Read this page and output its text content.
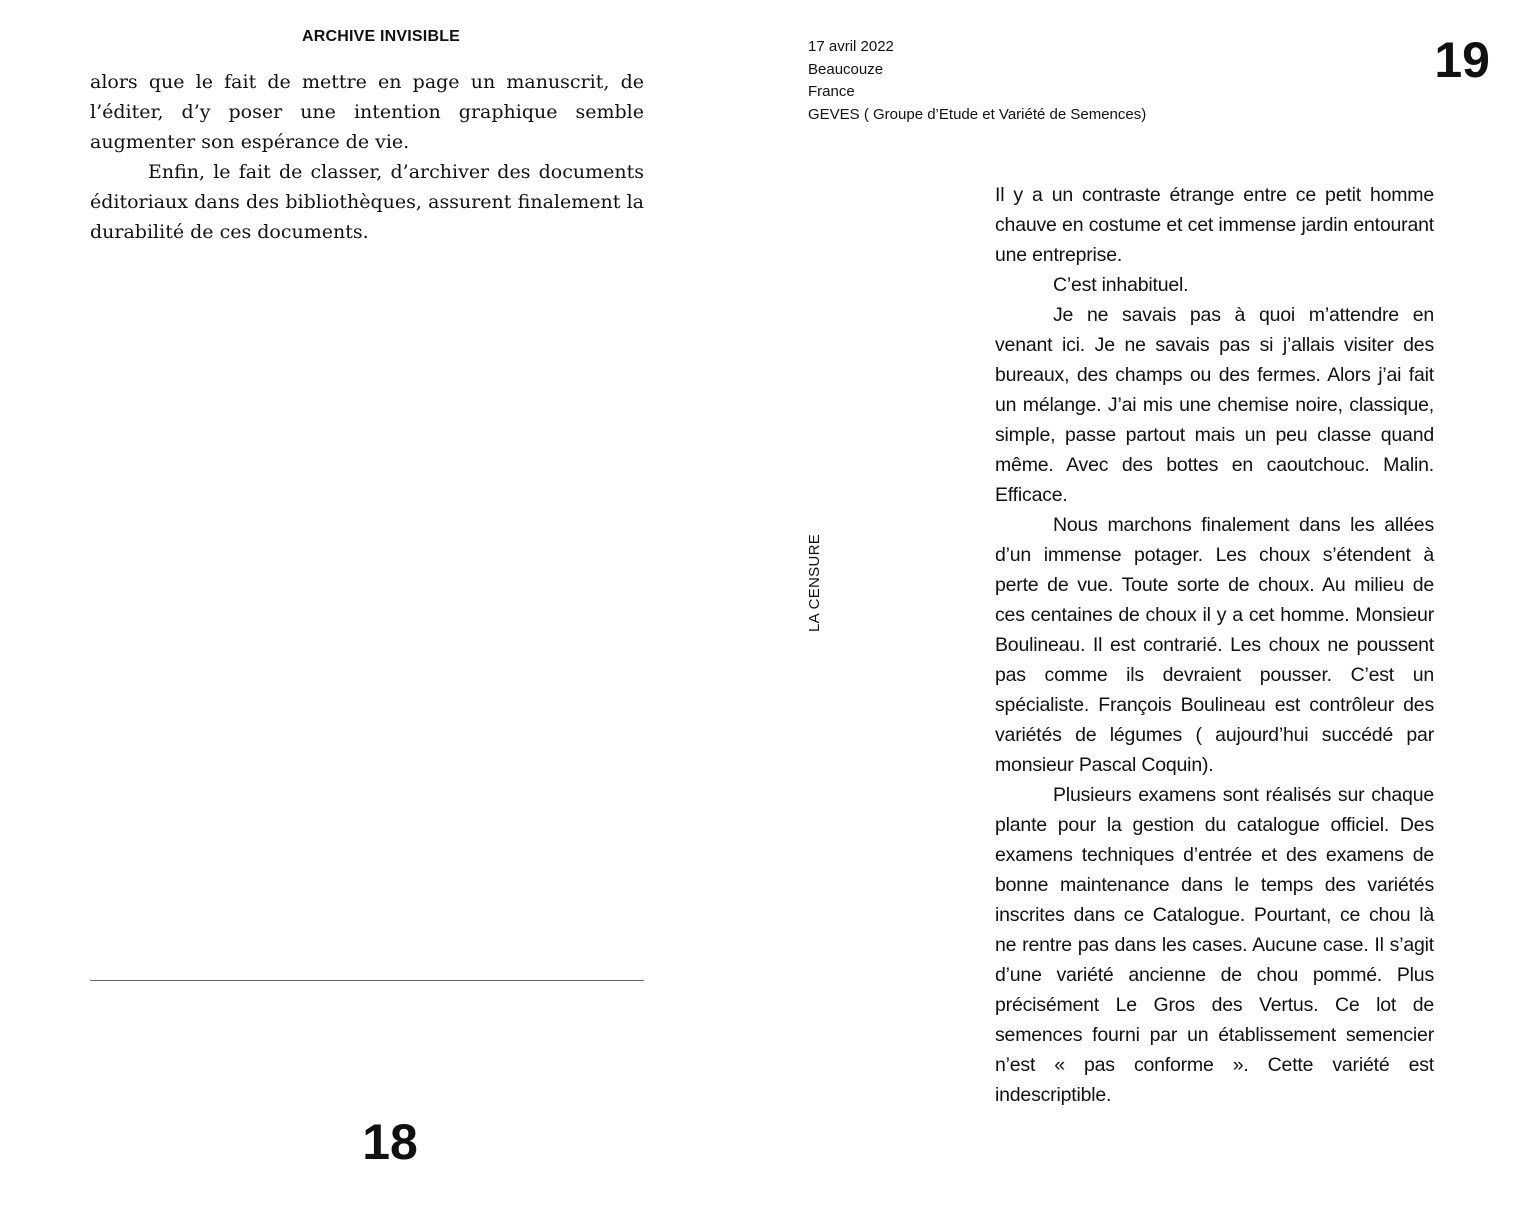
ARCHIVE INVISIBLE

alors que le fait de mettre en page un manuscrit, de l’éditer, d’y poser une intention graphique semble augmenter son espérance de vie.

Enfin, le fait de classer, d’archiver des documents éditoriaux dans des bibliothèques, assurent finalement la durabilité de ces documents.

18
17 avril 2022
Beaucouze
France
GEVES ( Groupe d’Etude et Variété de Semences)
19
LA CENSURE

Il y a un contraste étrange entre ce petit homme chauve en costume et cet immense jardin entourant une entreprise.

C’est inhabituel.

Je ne savais pas à quoi m’attendre en venant ici. Je ne savais pas si j’allais visiter des bureaux, des champs ou des fermes. Alors j’ai fait un mélange. J’ai mis une chemise noire, classique, simple, passe partout mais un peu classe quand même. Avec des bottes en caoutchouc. Malin. Efficace.

Nous marchons finalement dans les allées d’un immense potager. Les choux s’étendent à perte de vue. Toute sorte de choux. Au milieu de ces centaines de choux il y a cet homme. Monsieur Boulineau. Il est contrarié. Les choux ne poussent pas comme ils devraient pousser. C’est un spécialiste. François Boulineau est contrôleur des variétés de légumes ( aujourd’hui succédé par monsieur Pascal Coquin).

Plusieurs examens sont réalisés sur chaque plante pour la gestion du catalogue officiel. Des examens techniques d’entrée et des examens de bonne maintenance dans le temps des variétés inscrites dans ce Catalogue. Pourtant, ce chou là ne rentre pas dans les cases. Aucune case. Il s’agit d’une variété ancienne de chou pommé. Plus précisément Le Gros des Vertus. Ce lot de semences fourni par un établissement semencier n’est « pas conforme ». Cette variété est indescriptible.
